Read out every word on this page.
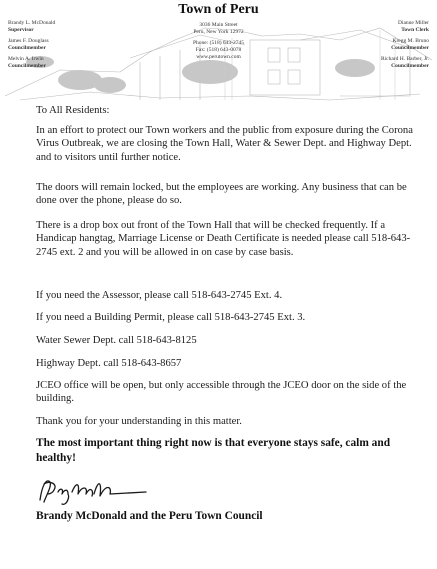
Town of Peru
3036 Main Street
Peru, New York 12972
Phone: (518) 643-2745
Fax: (518) 643-0078
www.perutown.com
Brandy L. McDonald
Supervisor
James F. Douglass
Councilmember
Melvin A. Irwin
Councilmember
Dianne Miller
Town Clerk
Kregg M. Bruno
Councilmember
Richard H. Barber, Jr.
Councilmember
To All Residents:

In an effort to protect our Town workers and the public from exposure during the Corona Virus Outbreak, we are closing the Town Hall, Water & Sewer Dept. and Highway Dept. and to visitors until further notice.

The doors will remain locked, but the employees are working. Any business that can be done over the phone, please do so.

There is a drop box out front of the Town Hall that will be checked frequently. If a Handicap hangtag, Marriage License or Death Certificate is needed please call 518-643-2745 ext. 2 and you will be allowed in on case by case basis.

If you need the Assessor, please call 518-643-2745 Ext. 4.

If you need a Building Permit, please call 518-643-2745 Ext. 3.

Water Sewer Dept. call 518-643-8125

Highway Dept. call 518-643-8657

JCEO office will be open, but only accessible through the JCEO door on the side of the building.

Thank you for your understanding in this matter.

The most important thing right now is that everyone stays safe, calm and healthy!
Brandy McDonald and the Peru Town Council
